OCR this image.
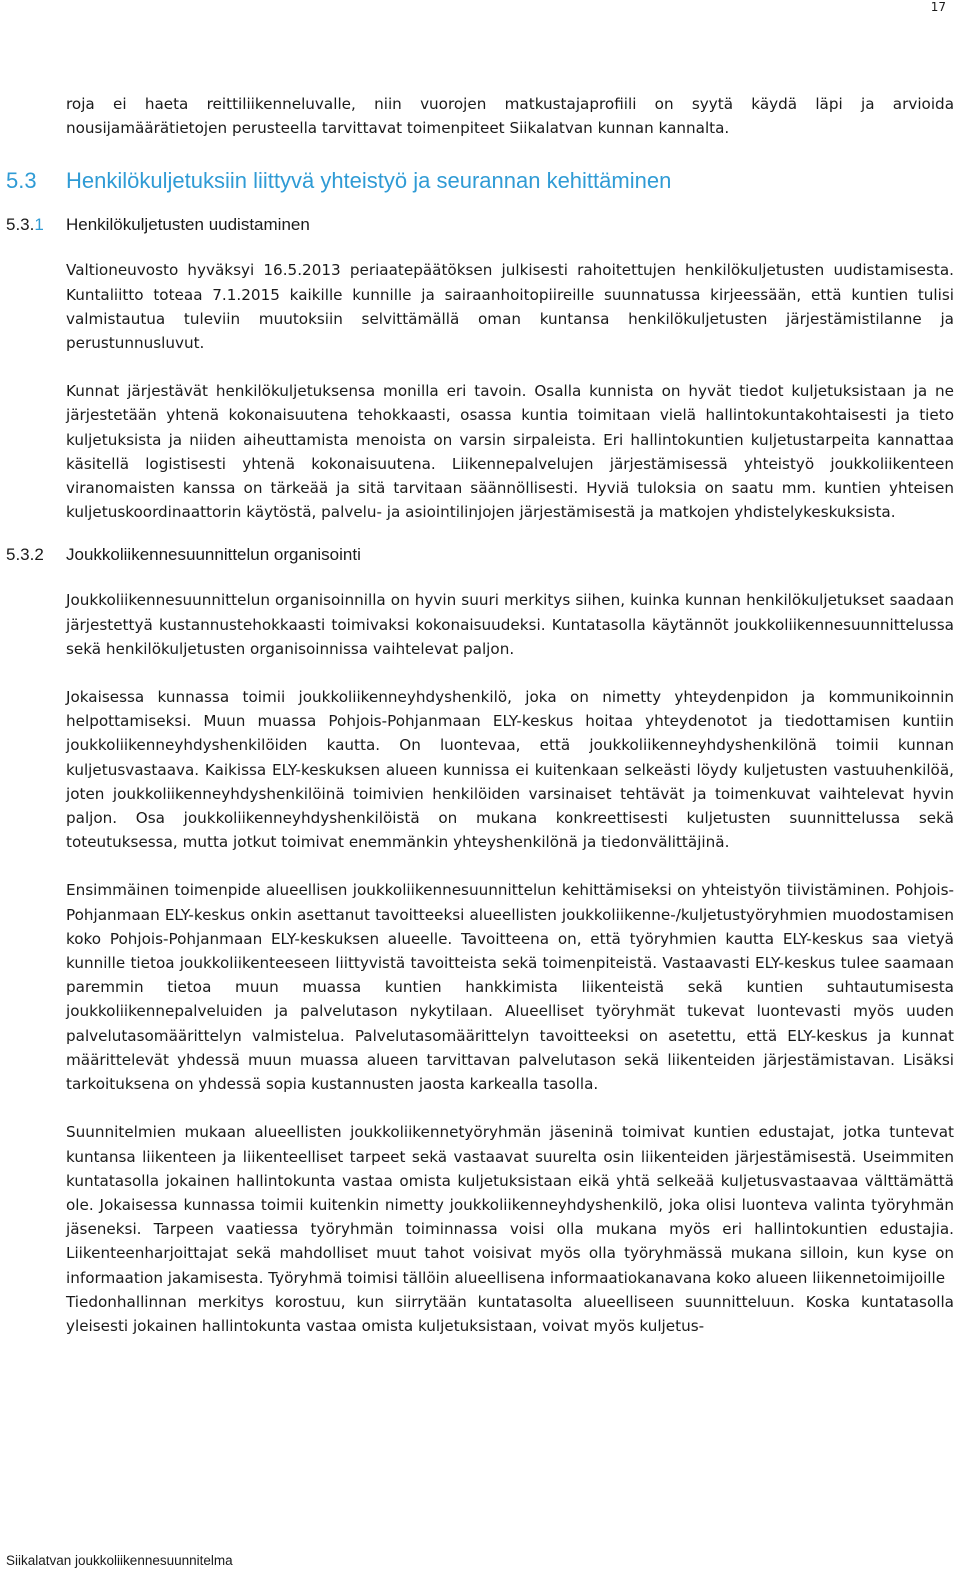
17

roja ei haeta reittiliikenneluvalle, niin vuorojen matkustajaprofiili on syytä käydä läpi ja arvioida nousijamäärätietojen perusteella tarvittavat toimenpiteet Siikalatvan kunnan kannalta.

5.3 Henkilökuljetuksiin liittyvä yhteistyö ja seurannan kehittäminen
5.3.1 Henkilökuljetusten uudistaminen

Valtioneuvosto hyväksyi 16.5.2013 periaatepäätöksen julkisesti rahoitettujen henkilökuljetusten uudistamisesta. Kuntaliitto toteaa 7.1.2015 kaikille kunnille ja sairaanhoitopiireille suunnatussa kirjeessään, että kuntien tulisi valmistautua tuleviin muutoksiin selvittämällä oman kuntansa henkilökuljetusten järjestämistilanne ja perustunnusluvut.

Kunnat järjestävät henkilökuljetuksensa monilla eri tavoin. Osalla kunnista on hyvät tiedot kuljetuksistaan ja ne järjestetään yhtenä kokonaisuutena tehokkaasti, osassa kuntia toimitaan vielä hallintokuntakohtaisesti ja tieto kuljetuksista ja niiden aiheuttamista menoista on varsin sirpaleista. Eri hallintokuntien kuljetustarpeita kannattaa käsitellä logistisesti yhtenä kokonaisuutena. Liikennepalvelujen järjestämisessä yhteistyö joukkoliikenteen viranomaisten kanssa on tärkeää ja sitä tarvitaan säännöllisesti. Hyviä tuloksia on saatu mm. kuntien yhteisen kuljetuskoordinaattorin käytöstä, palvelu- ja asiointilinjojen järjestämisestä ja matkojen yhdistelykeskuksista.

5.3.2 Joukkoliikennesuunnittelun organisointi

Joukkoliikennesuunnittelun organisoinnilla on hyvin suuri merkitys siihen, kuinka kunnan henkilökuljetukset saadaan järjestettyä kustannustehokkaasti toimivaksi kokonaisuudeksi. Kuntatasolla käytännöt joukkoliikennesuunnittelussa sekä henkilökuljetusten organisoinnissa vaihtelevat paljon.

Jokaisessa kunnassa toimii joukkoliikenneyhdyshenkilö, joka on nimetty yhteydenpidon ja kommunikoinnin helpottamiseksi. Muun muassa Pohjois-Pohjanmaan ELY-keskus hoitaa yhteydenotot ja tiedottamisen kuntiin joukkoliikenneyhdyshenkilöiden kautta. On luontevaa, että joukkoliikenneyhdyshenkilönä toimii kunnan kuljetusvastaava. Kaikissa ELY-keskuksen alueen kunnissa ei kuitenkaan selkeästi löydy kuljetusten vastuuhenkilöä, joten joukkoliikenneyhdyshenkilöinä toimivien henkilöiden varsinaiset tehtävät ja toimenkuvat vaihtelevat hyvin paljon. Osa joukkoliikenneyhdyshenkilöistä on mukana konkreettisesti kuljetusten suunnittelussa sekä toteutuksessa, mutta jotkut toimivat enemmänkin yhteyshenkilönä ja tiedonvälittäjinä.

Ensimmäinen toimenpide alueellisen joukkoliikennesuunnittelun kehittämiseksi on yhteistyön tiivistäminen. Pohjois-Pohjanmaan ELY-keskus onkin asettanut tavoitteeksi alueellisten joukkoliikenne-/kuljetustyöryhmien muodostamisen koko Pohjois-Pohjanmaan ELY-keskuksen alueelle. Tavoitteena on, että työryhmien kautta ELY-keskus saa vietyä kunnille tietoa joukkoliikenteeseen liittyvistä tavoitteista sekä toimenpiteistä. Vastaavasti ELY-keskus tulee saamaan paremmin tietoa muun muassa kuntien hankkimista liikenteistä sekä kuntien suhtautumisesta joukkoliikennepalveluiden ja palvelutason nykytilaan. Alueelliset työryhmät tukevat luontevasti myös uuden palvelutasomäärittelyn valmistelua. Palvelutasomäärittelyn tavoitteeksi on asetettu, että ELY-keskus ja kunnat määrittelevät yhdessä muun muassa alueen tarvittavan palvelutason sekä liikenteiden järjestämistavan. Lisäksi tarkoituksena on yhdessä sopia kustannusten jaosta karkealla tasolla.

Suunnitelmien mukaan alueellisten joukkoliikennetyöryhmän jäseninä toimivat kuntien edustajat, jotka tuntevat kuntansa liikenteen ja liikenteelliset tarpeet sekä vastaavat suurelta osin liikenteiden järjestämisestä. Useimmiten kuntatasolla jokainen hallintokunta vastaa omista kuljetuksistaan eikä yhtä selkeää kuljetusvastaavaa välttämättä ole. Jokaisessa kunnassa toimii kuitenkin nimetty joukkoliikenneyhdyshenkilö, joka olisi luonteva valinta työryhmän jäseneksi. Tarpeen vaatiessa työryhmän toiminnassa voisi olla mukana myös eri hallintokuntien edustajia. Liikenteenharjoittajat sekä mahdolliset muut tahot voisivat myös olla työryhmässä mukana silloin, kun kyse on informaation jakamisesta. Työryhmä toimisi tällöin alueellisena informaatiokanavana koko alueen liikennetoimijoille

Tiedonhallinnan merkitys korostuu, kun siirrytään kuntatasolta alueelliseen suunnitteluun. Koska kuntatasolla yleisesti jokainen hallintokunta vastaa omista kuljetuksistaan, voivat myös kuljetus-

Siikalatvan joukkoliikennesuunnitelma
